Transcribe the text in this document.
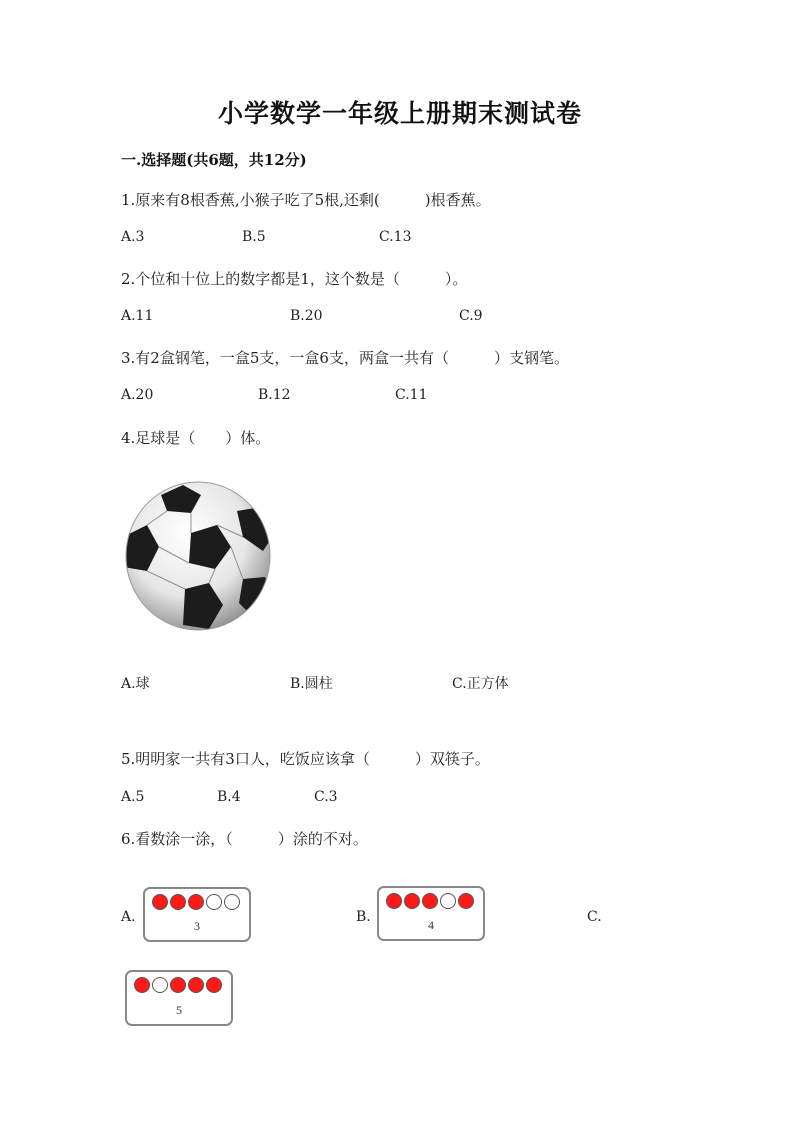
小学数学一年级上册期末测试卷
一.选择题(共6题，共12分)
1.原来有8根香蕉,小猴子吃了5根,还剩(　　　)根香蕉。
A.3	B.5	C.13
2.个位和十位上的数字都是1，这个数是（　　　）。
A.11	B.20	C.9
3.有2盒钢笔，一盒5支，一盒6支，两盒一共有（　　　）支钢笔。
A.20	B.12	C.11
4.足球是（　　）体。
A.球	B.圆柱	C.正方体
5.明明家一共有3口人，吃饭应该拿（　　　）双筷子。
A.5	B.4	C.3
6.看数涂一涂，（　　　）涂的不对。
A.
3
B.	4	C.
5
